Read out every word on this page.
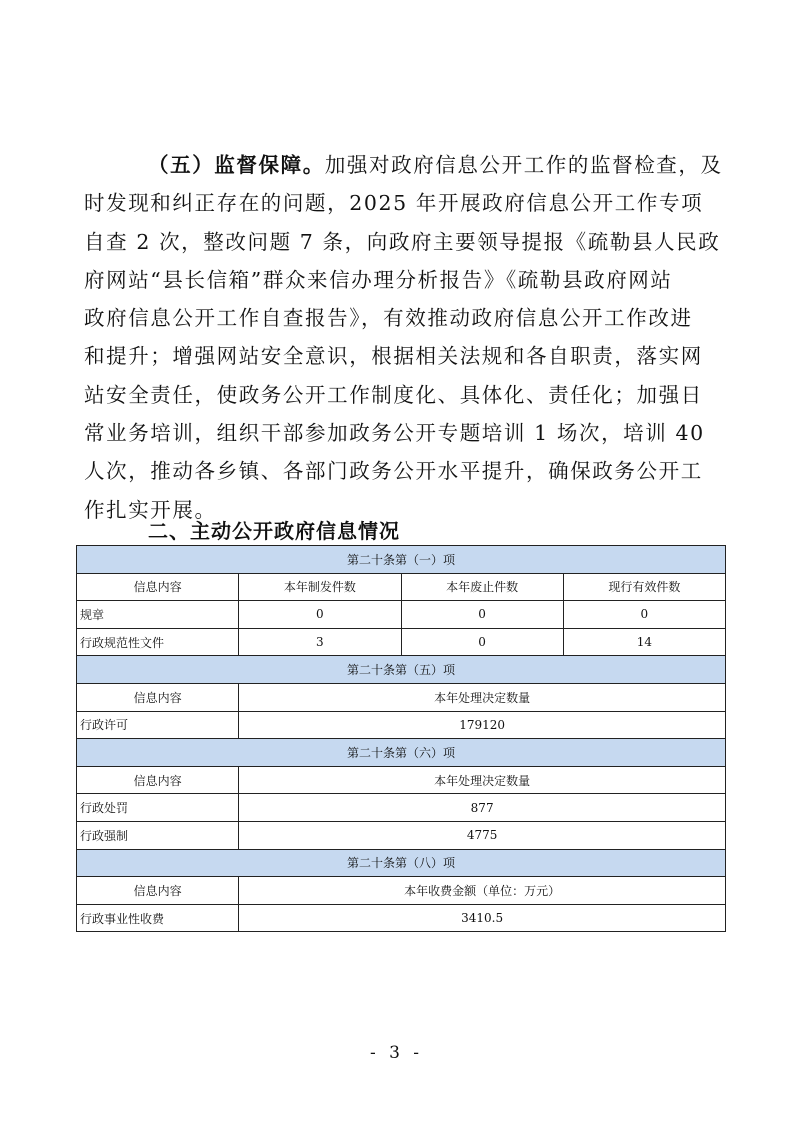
（五）监督保障。加强对政府信息公开工作的监督检查，及
时发现和纠正存在的问题，2025 年开展政府信息公开工作专项
自查 2 次，整改问题 7 条，向政府主要领导提报《疏勒县人民政
府网站“县长信箱”群众来信办理分析报告》《疏勒县政府网站
政府信息公开工作自查报告》，有效推动政府信息公开工作改进
和提升；增强网站安全意识，根据相关法规和各自职责，落实网
站安全责任，使政务公开工作制度化、具体化、责任化；加强日
常业务培训，组织干部参加政务公开专题培训 1 场次，培训 40
人次，推动各乡镇、各部门政务公开水平提升，确保政务公开工
作扎实开展。
二、主动公开政府信息情况
第二十条第（一）项			
信息内容	本年制发件数	本年废止件数	现行有效件数
规章	0	0	0
行政规范性文件	3	0	14
第二十条第（五）项			
信息内容	本年处理决定数量		
行政许可	179120		
第二十条第（六）项			
信息内容	本年处理决定数量		
行政处罚	877		
行政强制	4775		
第二十条第（八）项			
信息内容	本年收费金额（单位：万元）		
行政事业性收费	3410.5		
- 3 -
